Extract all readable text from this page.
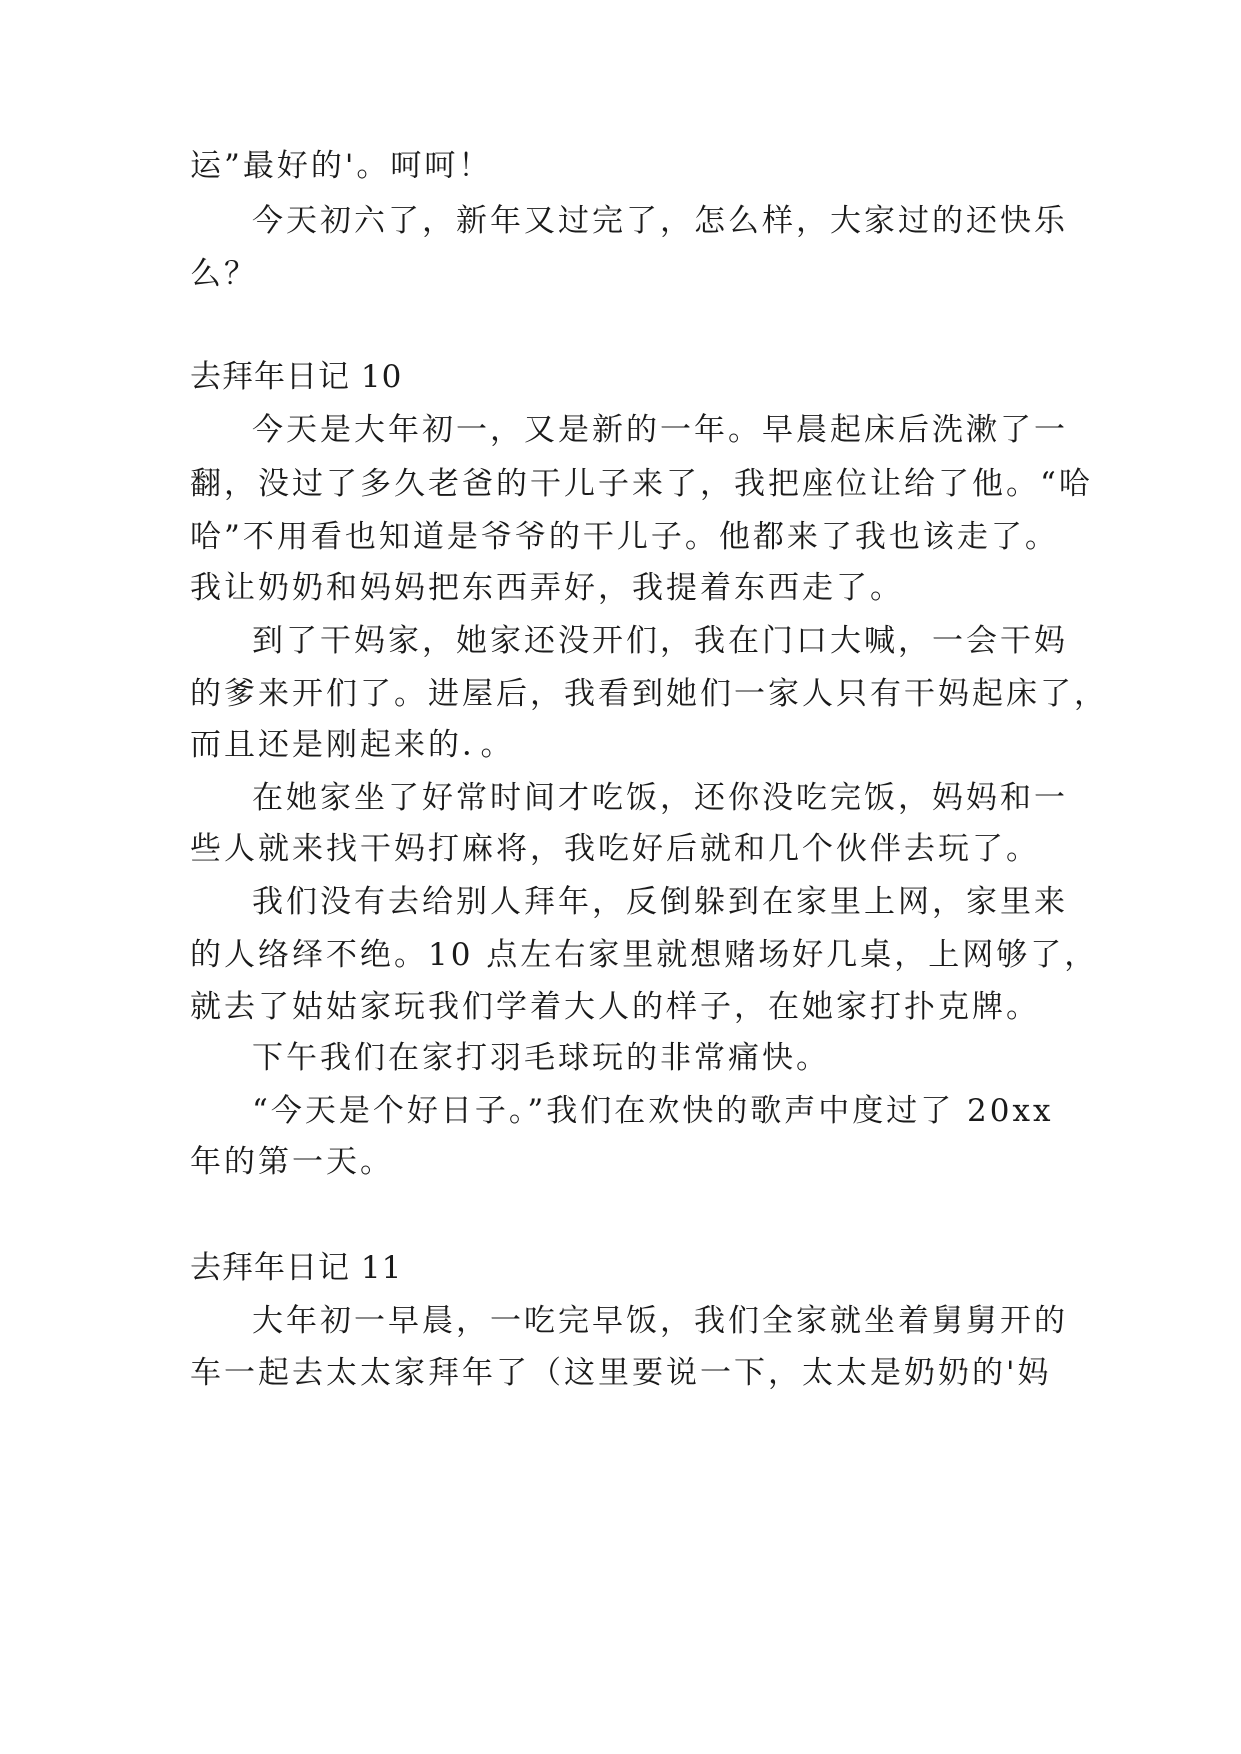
运”最好的'。呵呵！
今天初六了，新年又过完了，怎么样，大家过的还快乐
么？
去拜年日记 10
今天是大年初一，又是新的一年。早晨起床后洗漱了一
翻，没过了多久老爸的干儿子来了，我把座位让给了他。“哈
哈”不用看也知道是爷爷的干儿子。他都来了我也该走了。
我让奶奶和妈妈把东西弄好，我提着东西走了。
到了干妈家，她家还没开们，我在门口大喊，一会干妈
的爹来开们了。进屋后，我看到她们一家人只有干妈起床了，
而且还是刚起来的．。
在她家坐了好常时间才吃饭，还你没吃完饭，妈妈和一
些人就来找干妈打麻将，我吃好后就和几个伙伴去玩了。
我们没有去给别人拜年，反倒躲到在家里上网，家里来
的人络绎不绝。10 点左右家里就想赌场好几桌，上网够了，
就去了姑姑家玩我们学着大人的样子，在她家打扑克牌。
下午我们在家打羽毛球玩的非常痛快。
“今天是个好日子。”我们在欢快的歌声中度过了 20xx
年的第一天。
去拜年日记 11
大年初一早晨，一吃完早饭，我们全家就坐着舅舅开的
车一起去太太家拜年了（这里要说一下，太太是奶奶的'妈
